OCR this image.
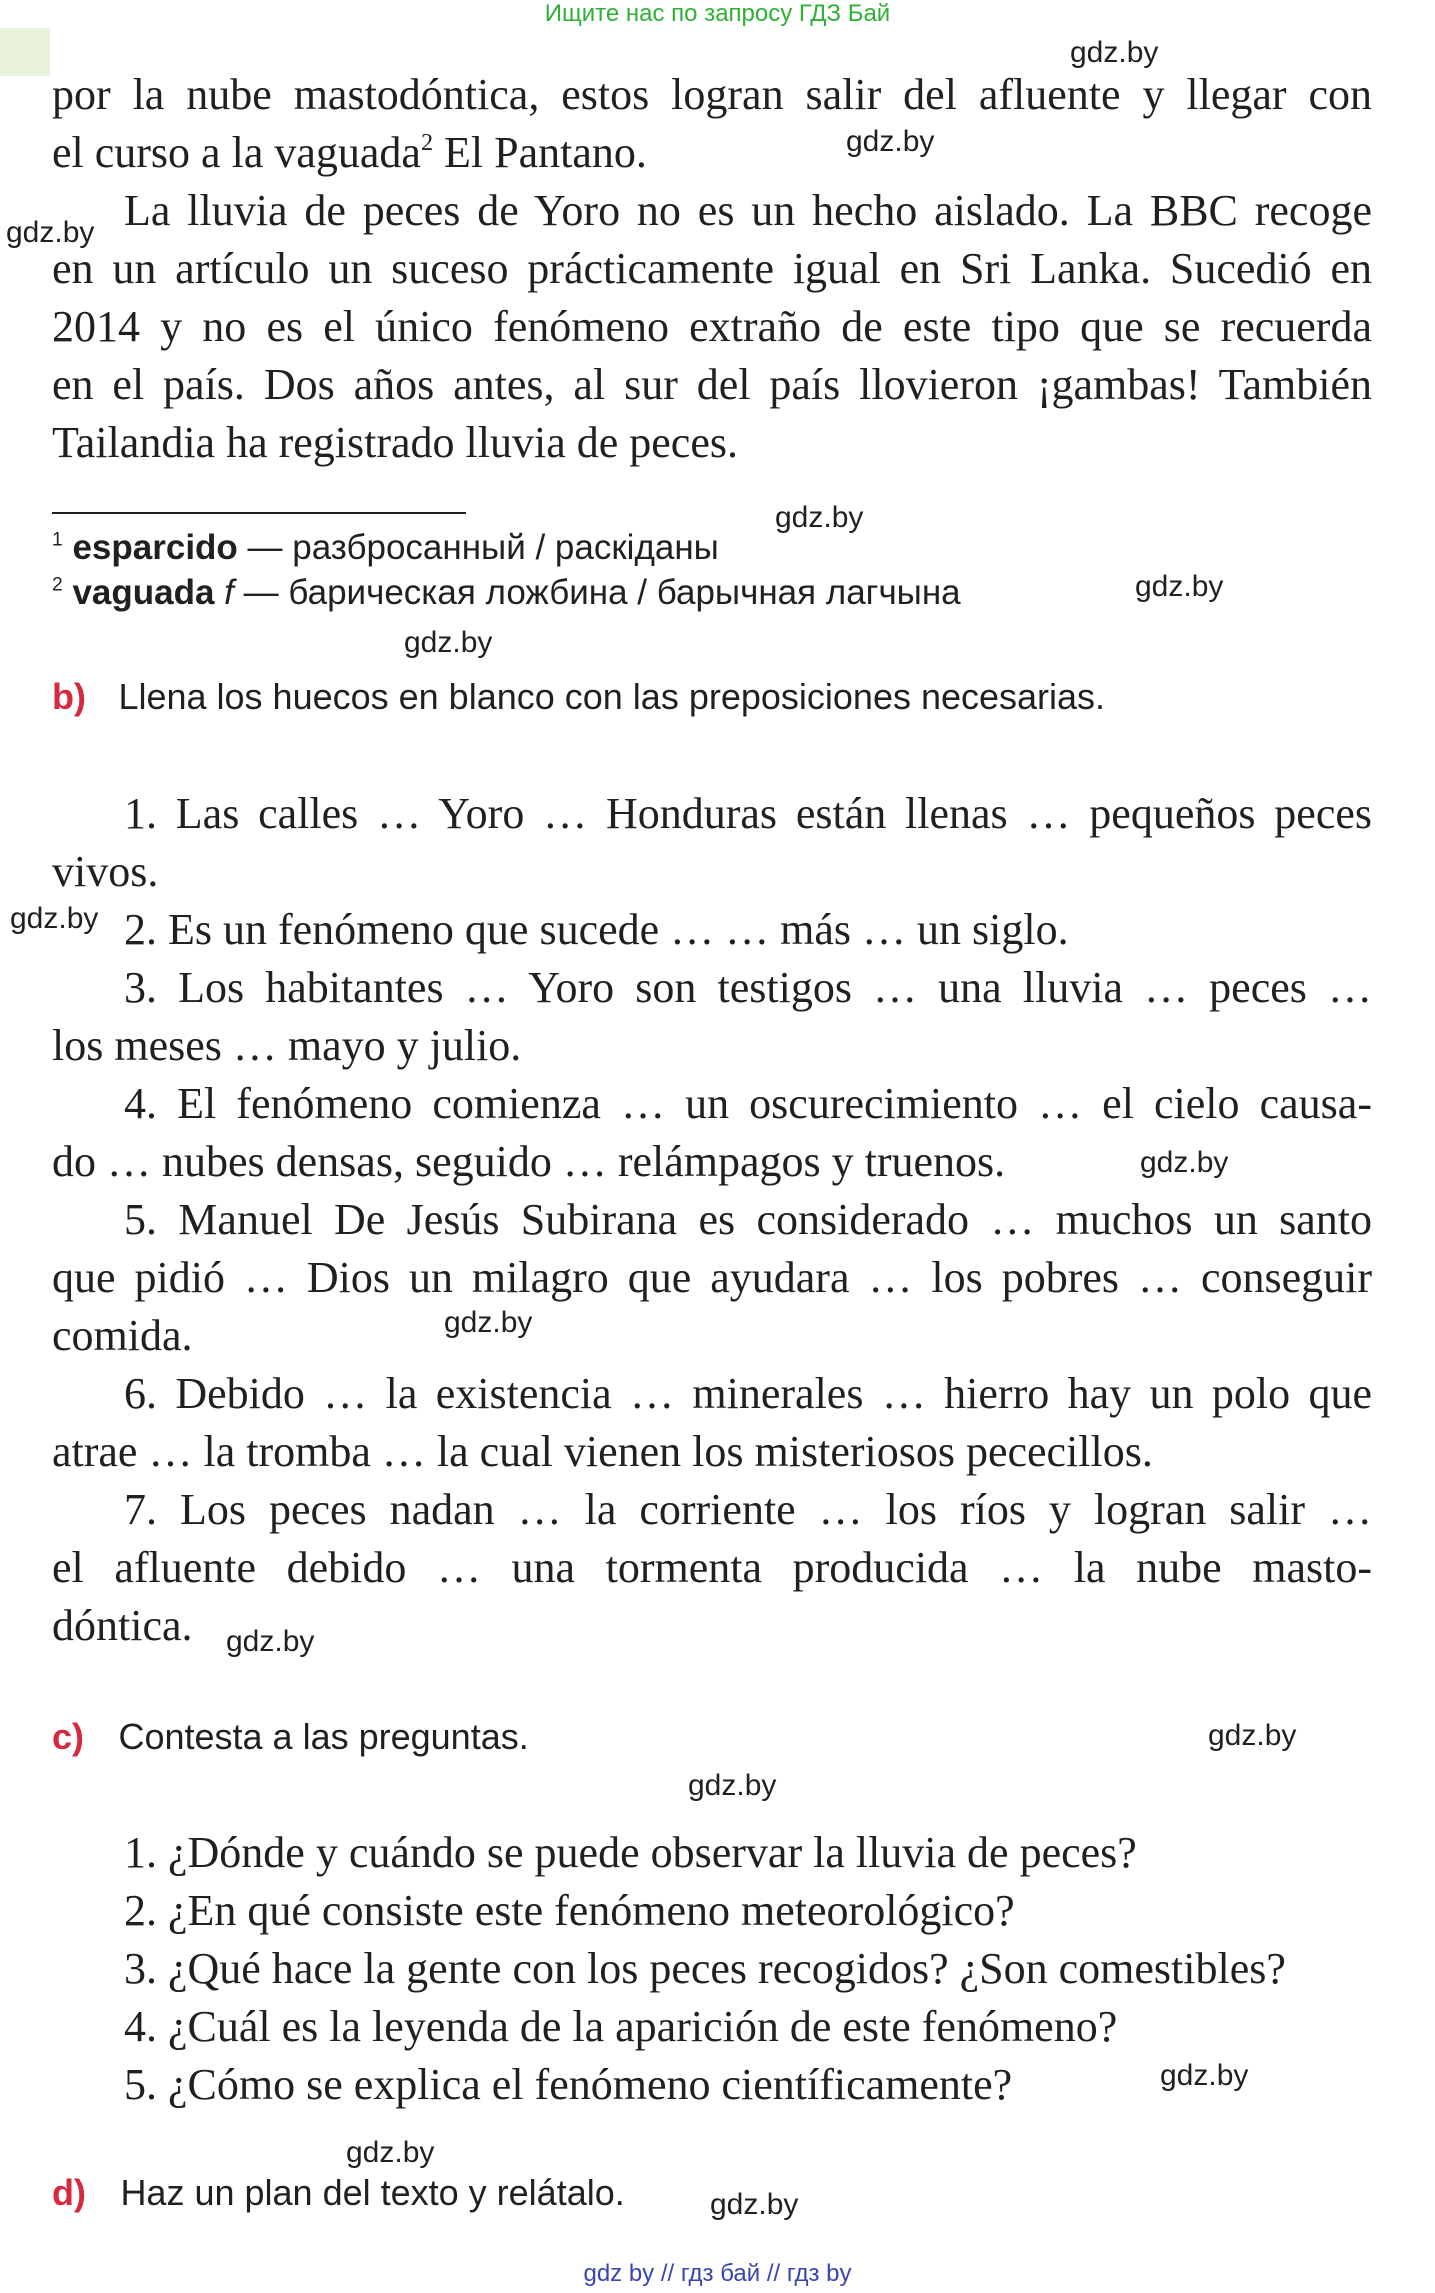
Ищите нас по запросу ГДЗ Бай
gdz.by
gdz.by
gdz.by
gdz.by
gdz.by
gdz.by
gdz.by
gdz.by
gdz.by
gdz.by
gdz.by
gdz.by
gdz.by
gdz.by
gdz.by
por la nube mastodóntica, estos logran salir del afluente y llegar con
el curso a la vaguada$^2$ El Pantano.
La lluvia de peces de Yoro no es un hecho aislado. La BBC recoge
en un artículo un suceso prácticamente igual en Sri Lanka. Sucedió en
2014 y no es el único fenómeno extraño de este tipo que se recuerda
en el país. Dos años antes, al sur del país llovieron ¡gambas! También
Tailandia ha registrado lluvia de peces.
$^1$ esparcido — разбросанный / раскіданы
$^2$ vaguada f — барическая ложбина / барычная лагчына
b) Llena los huecos en blanco con las preposiciones necesarias.
1. Las calles … Yoro … Honduras están llenas … pequeños peces
vivos.
2. Es un fenómeno que sucede … … más … un siglo.
3. Los habitantes … Yoro son testigos … una lluvia … peces …
los meses … mayo y julio.
4. El fenómeno comienza … un oscurecimiento … el cielo causa-
do … nubes densas, seguido … relámpagos y truenos.
5. Manuel De Jesús Subirana es considerado … muchos un santo
que pidió … Dios un milagro que ayudara … los pobres … conseguir
comida.
6. Debido … la existencia … minerales … hierro hay un polo que
atrae … la tromba … la cual vienen los misteriosos pececillos.
7. Los peces nadan … la corriente … los ríos y logran salir …
el afluente debido … una tormenta producida … la nube masto-
dóntica.
c) Contesta a las preguntas.
1. ¿Dónde y cuándo se puede observar la lluvia de peces?
2. ¿En qué consiste este fenómeno meteorológico?
3. ¿Qué hace la gente con los peces recogidos? ¿Son comestibles?
4. ¿Cuál es la leyenda de la aparición de este fenómeno?
5. ¿Cómo se explica el fenómeno científicamente?
d) Haz un plan del texto y relátalo.
gdz by // гдз бай // гдз by
